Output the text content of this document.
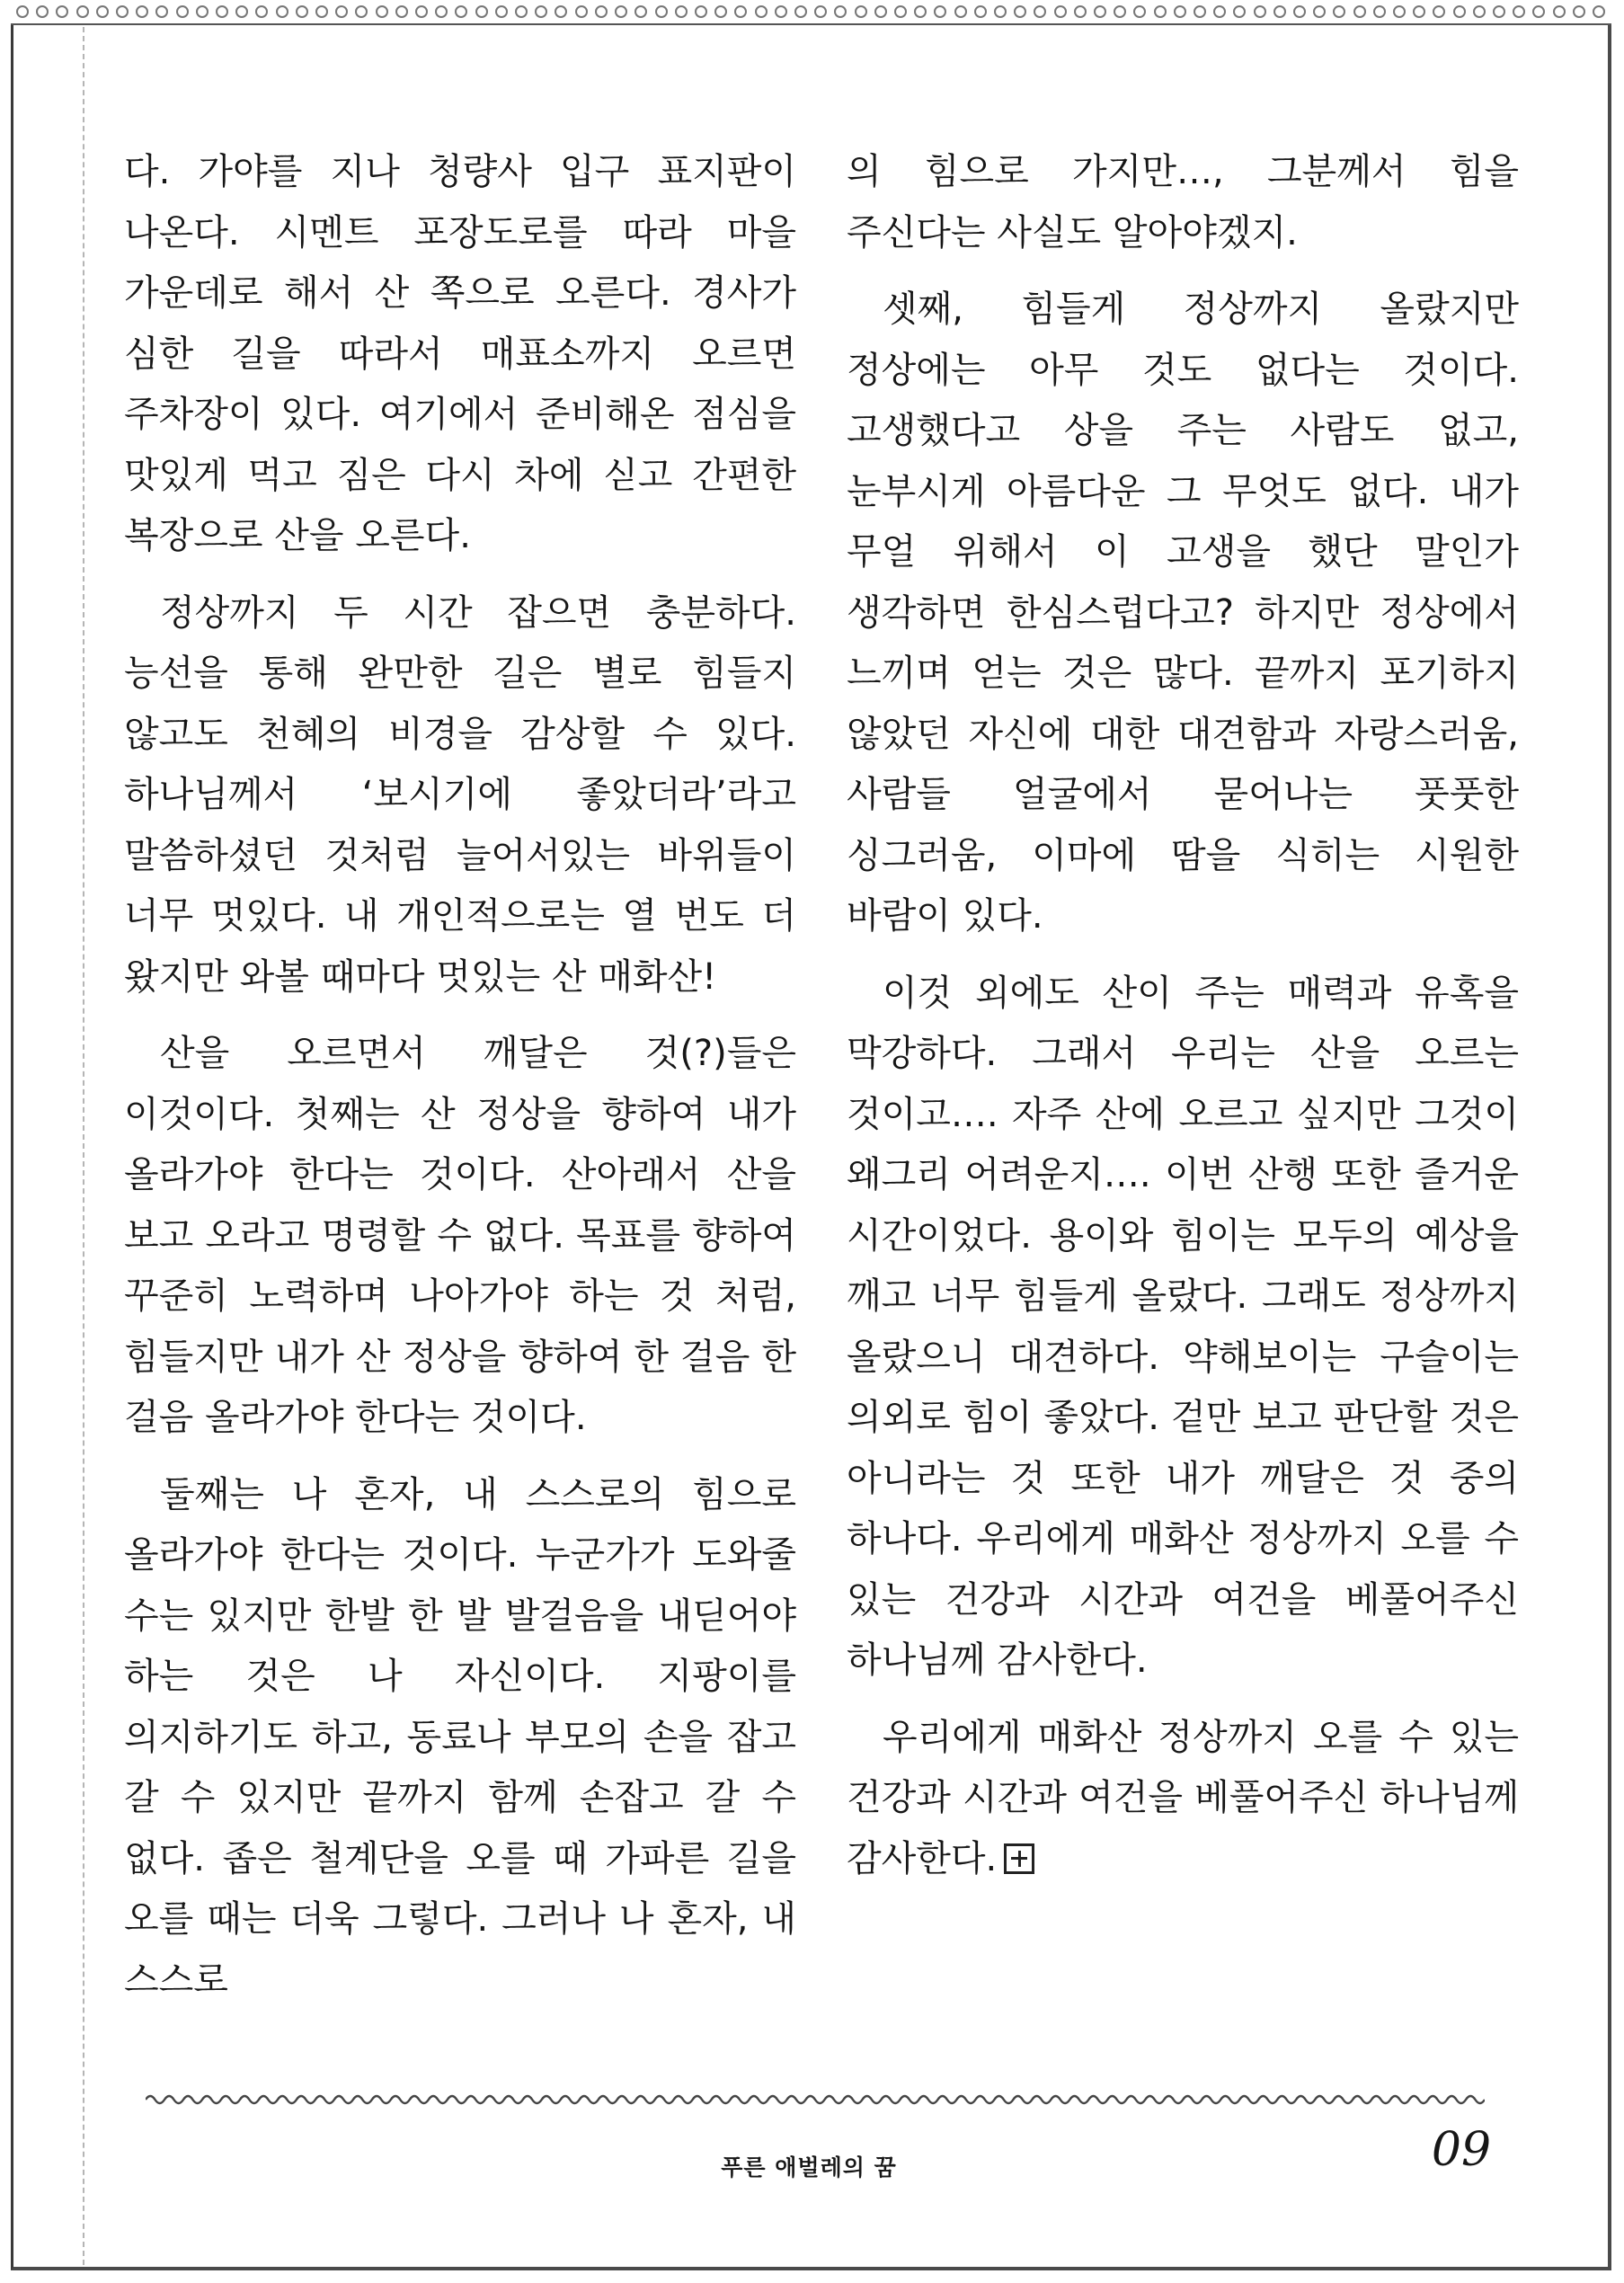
다. 가야를 지나 청량사 입구 표지판이 나온다. 시멘트 포장도로를 따라 마을 가운데로 해서 산 쪽으로 오른다. 경사가 심한 길을 따라서 매표소까지 오르면 주차장이 있다. 여기에서 준비해온 점심을 맛있게 먹고 짐은 다시 차에 싣고 간편한 복장으로 산을 오른다.

정상까지 두 시간 잡으면 충분하다. 능선을 통해 완만한 길은 별로 힘들지 않고도 천혜의 비경을 감상할 수 있다. 하나님께서 ‘보시기에 좋았더라’라고 말씀하셨던 것처럼 늘어서있는 바위들이 너무 멋있다. 내 개인적으로는 열 번도 더 왔지만 와볼 때마다 멋있는 산 매화산!

산을 오르면서 깨달은 것(?)들은 이것이다. 첫째는 산 정상을 향하여 내가 올라가야 한다는 것이다. 산아래서 산을 보고 오라고 명령할 수 없다. 목표를 향하여 꾸준히 노력하며 나아가야 하는 것 처럼, 힘들지만 내가 산 정상을 향하여 한 걸음 한 걸음 올라가야 한다는 것이다.

둘째는 나 혼자, 내 스스로의 힘으로 올라가야 한다는 것이다. 누군가가 도와줄 수는 있지만 한발 한 발 발걸음을 내딛어야 하는 것은 나 자신이다. 지팡이를 의지하기도 하고, 동료나 부모의 손을 잡고 갈 수 있지만 끝까지 함께 손잡고 갈 수 없다. 좁은 철계단을 오를 때 가파른 길을 오를 때는 더욱 그렇다. 그러나 나 혼자, 내 스스로

의 힘으로 가지만…, 그분께서 힘을 주신다는 사실도 알아야겠지.

셋째, 힘들게 정상까지 올랐지만 정상에는 아무 것도 없다는 것이다. 고생했다고 상을 주는 사람도 없고, 눈부시게 아름다운 그 무엇도 없다. 내가 무얼 위해서 이 고생을 했단 말인가 생각하면 한심스럽다고? 하지만 정상에서 느끼며 얻는 것은 많다. 끝까지 포기하지 않았던 자신에 대한 대견함과 자랑스러움, 사람들 얼굴에서 묻어나는 풋풋한 싱그러움, 이마에 땀을 식히는 시원한 바람이 있다.

이것 외에도 산이 주는 매력과 유혹을 막강하다. 그래서 우리는 산을 오르는 것이고…. 자주 산에 오르고 싶지만 그것이 왜그리 어려운지…. 이번 산행 또한 즐거운 시간이었다. 용이와 힘이는 모두의 예상을 깨고 너무 힘들게 올랐다. 그래도 정상까지 올랐으니 대견하다. 약해보이는 구슬이는 의외로 힘이 좋았다. 겉만 보고 판단할 것은 아니라는 것 또한 내가 깨달은 것 중의 하나다. 우리에게 매화산 정상까지 오를 수 있는 건강과 시간과 여건을 베풀어주신 하나님께 감사한다.

우리에게 매화산 정상까지 오를 수 있는 건강과 시간과 여건을 베풀어주신 하나님께 감사한다.

푸른 애벌레의 꿈	09
